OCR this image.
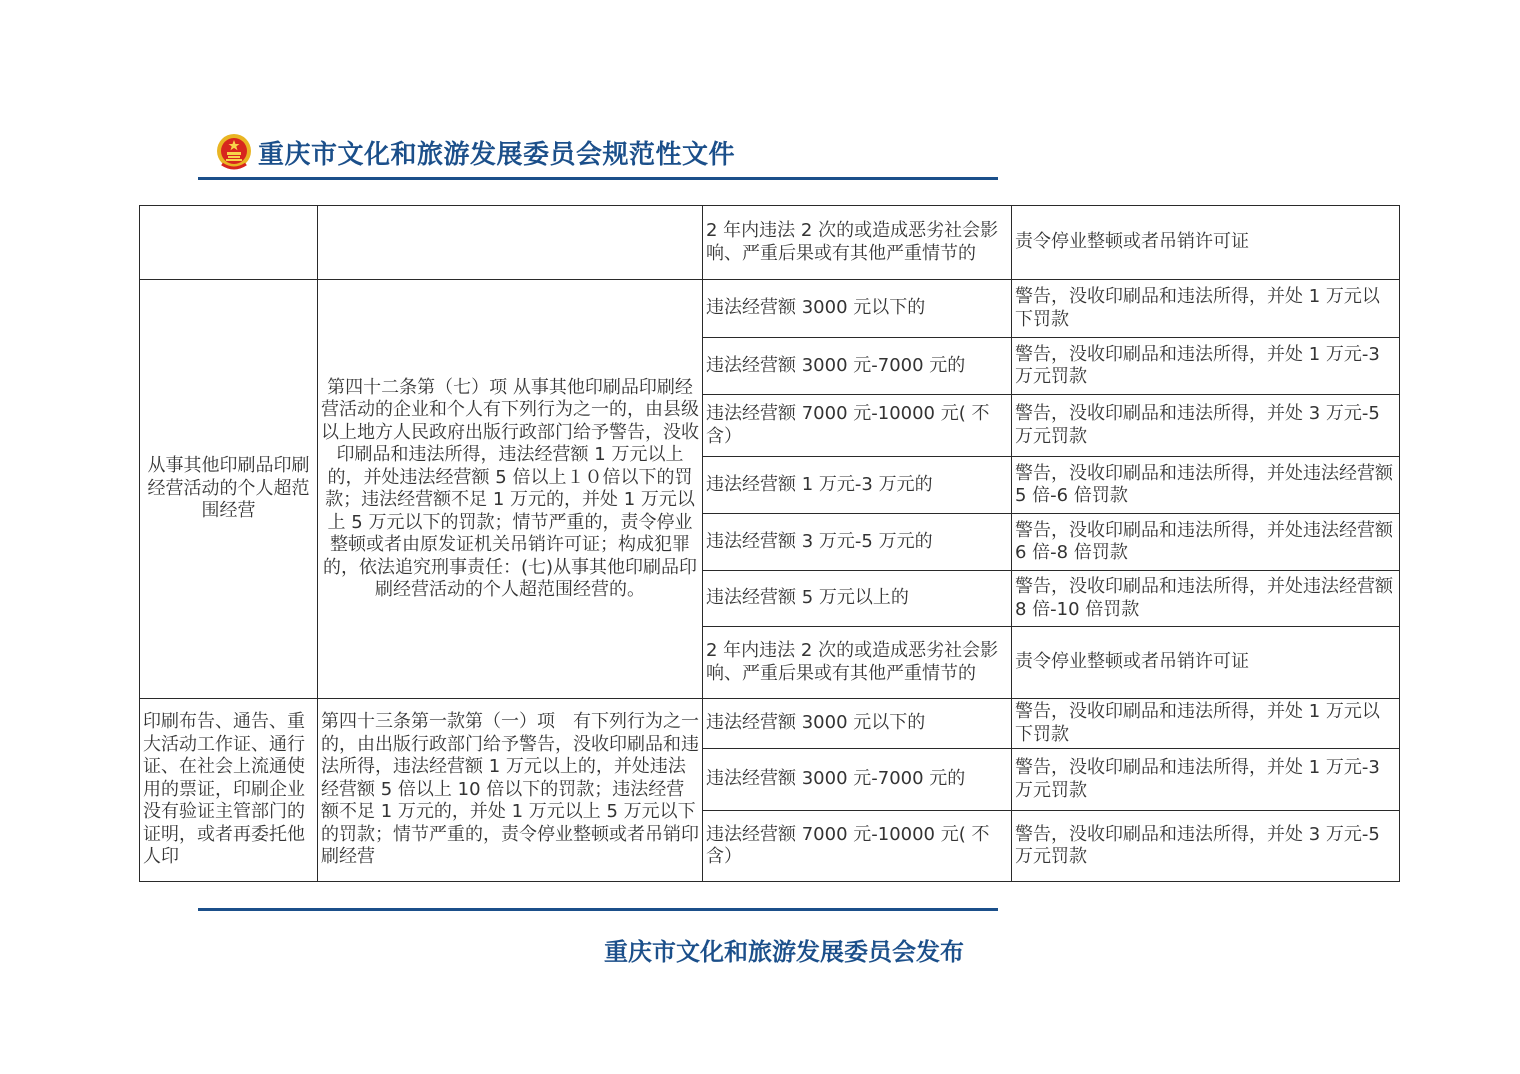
重庆市文化和旅游发展委员会规范性文件
		2 年内违法 2 次的或造成恶劣社会影响、严重后果或有其他严重情节的	责令停业整顿或者吊销许可证
从事其他印刷品印刷经营活动的个人超范围经营	第四十二条第（七）项 从事其他印刷品印刷经营活动的企业和个人有下列行为之一的，由县级以上地方人民政府出版行政部门给予警告，没收印刷品和违法所得，违法经营额 1 万元以上的，并处违法经营额 5 倍以上１０倍以下的罚款；违法经营额不足 1 万元的，并处 1 万元以上 5 万元以下的罚款；情节严重的，责令停业整顿或者由原发证机关吊销许可证；构成犯罪的，依法追究刑事责任：(七)从事其他印刷品印刷经营活动的个人超范围经营的。	违法经营额 3000 元以下的	警告，没收印刷品和违法所得，并处 1 万元以下罚款
		违法经营额 3000 元-7000 元的	警告，没收印刷品和违法所得，并处 1 万元-3 万元罚款
		违法经营额 7000 元-10000 元( 不含）	警告，没收印刷品和违法所得，并处 3 万元-5 万元罚款
		违法经营额 1 万元-3 万元的	警告，没收印刷品和违法所得，并处违法经营额 5 倍-6 倍罚款
		违法经营额 3 万元-5 万元的	警告，没收印刷品和违法所得，并处违法经营额 6 倍-8 倍罚款
		违法经营额 5 万元以上的	警告，没收印刷品和违法所得，并处违法经营额 8 倍-10 倍罚款
		2 年内违法 2 次的或造成恶劣社会影响、严重后果或有其他严重情节的	责令停业整顿或者吊销许可证
印刷布告、通告、重大活动工作证、通行证、在社会上流通使用的票证，印刷企业没有验证主管部门的证明，或者再委托他人印	第四十三条第一款第（一）项　有下列行为之一的，由出版行政部门给予警告，没收印刷品和违法所得，违法经营额 1 万元以上的，并处违法经营额 5 倍以上 10 倍以下的罚款；违法经营额不足 1 万元的，并处 1 万元以上 5 万元以下的罚款；情节严重的，责令停业整顿或者吊销印刷经营	违法经营额 3000 元以下的	警告，没收印刷品和违法所得，并处 1 万元以下罚款
		违法经营额 3000 元-7000 元的	警告，没收印刷品和违法所得，并处 1 万元-3 万元罚款
		违法经营额 7000 元-10000 元( 不含）	警告，没收印刷品和违法所得，并处 3 万元-5 万元罚款
重庆市文化和旅游发展委员会发布
